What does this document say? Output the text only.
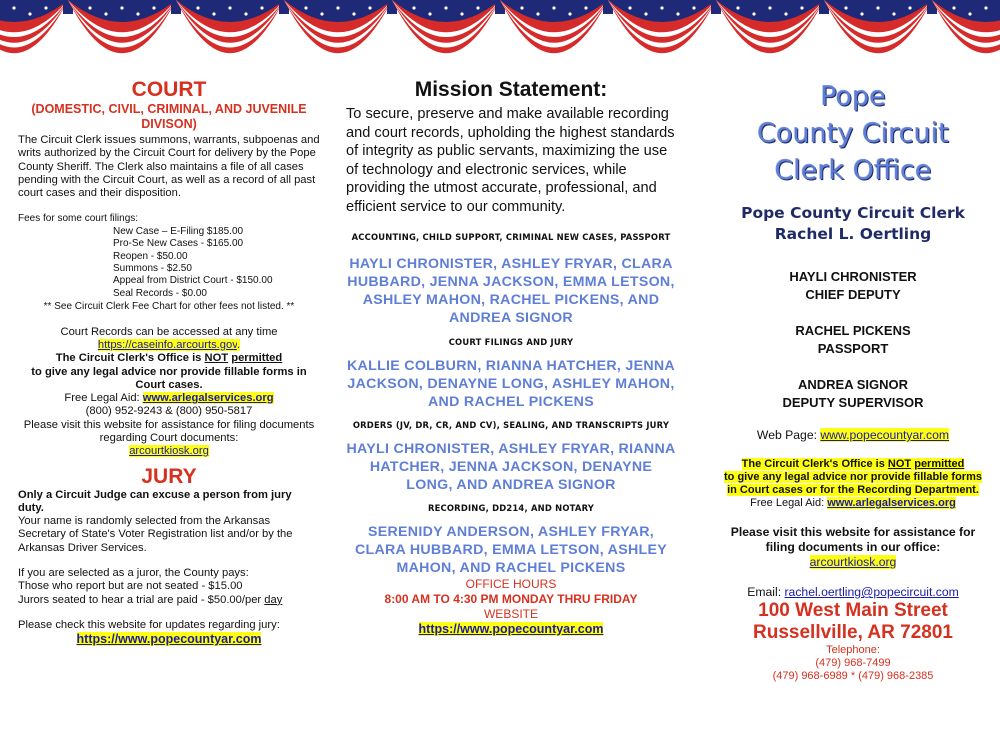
COURT
(DOMESTIC, CIVIL, CRIMINAL, AND JUVENILE DIVISON)
The Circuit Clerk issues summons, warrants, subpoenas and writs authorized by the Circuit Court for delivery by the Pope County Sheriff. The Clerk also maintains a file of all cases pending with the Circuit Court, as well as a record of all past court cases and their disposition.
Fees for some court filings:
New Case – E-Filing $185.00
Pro-Se New Cases - $165.00
Reopen - $50.00
Summons - $2.50
Appeal from District Court - $150.00
Seal Records - $0.00
** See Circuit Clerk Fee Chart for other fees not listed. **
Court Records can be accessed at any time
https://caseinfo.arcourts.gov.
The Circuit Clerk's Office is NOT permitted
to give any legal advice nor provide fillable forms in Court cases.
Free Legal Aid: www.arlegalservices.org
(800) 952-9243 & (800) 950-5817
Please visit this website for assistance for filing documents regarding Court documents:
arcourtkiosk.org
JURY
Only a Circuit Judge can excuse a person from jury duty.
Your name is randomly selected from the Arkansas Secretary of State's Voter Registration list and/or by the Arkansas Driver Services.
If you are selected as a juror, the County pays:
Those who report but are not seated - $15.00
Jurors seated to hear a trial are paid - $50.00/per day
Please check this website for updates regarding jury:
https://www.popecountyar.com
Mission Statement:
To secure, preserve and make available recording and court records, upholding the highest standards of integrity as public servants, maximizing the use of technology and electronic services, while providing the utmost accurate, professional, and efficient service to our community.
ACCOUNTING, CHILD SUPPORT, CRIMINAL NEW CASES, PASSPORT
HAYLI CHRONISTER, ASHLEY FRYAR, CLARA HUBBARD, JENNA JACKSON, EMMA LETSON, ASHLEY MAHON, RACHEL PICKENS, AND ANDREA SIGNOR
COURT FILINGS AND JURY
KALLIE COLBURN, RIANNA HATCHER, JENNA JACKSON, DENAYNE LONG, ASHLEY MAHON, AND RACHEL PICKENS
ORDERS (JV, DR, CR, AND CV), SEALING, AND TRANSCRIPTS JURY
HAYLI CHRONISTER, ASHLEY FRYAR, RIANNA HATCHER, JENNA JACKSON, DENAYNE LONG, AND ANDREA SIGNOR
RECORDING, DD214, AND NOTARY
SERENIDY ANDERSON, ASHLEY FRYAR, CLARA HUBBARD, EMMA LETSON, ASHLEY MAHON, AND RACHEL PICKENS
OFFICE HOURS
8:00 AM TO 4:30 PM MONDAY THRU FRIDAY
WEBSITE
https://www.popecountyar.com
Pope
County Circuit
Clerk Office
Pope County Circuit Clerk
Rachel L. Oertling
HAYLI CHRONISTER
CHIEF DEPUTY
RACHEL PICKENS
PASSPORT
ANDREA SIGNOR
DEPUTY SUPERVISOR
Web Page: www.popecountyar.com
The Circuit Clerk's Office is NOT permitted
to give any legal advice nor provide fillable forms in Court cases or for the Recording Department.
Free Legal Aid: www.arlegalservices.org
Please visit this website for assistance for filing documents in our office:
arcourtkiosk.org
Email: rachel.oertling@popecircuit.com
100 West Main Street
Russellville, AR 72801
Telephone:
(479) 968-7499
(479) 968-6989 * (479) 968-2385
